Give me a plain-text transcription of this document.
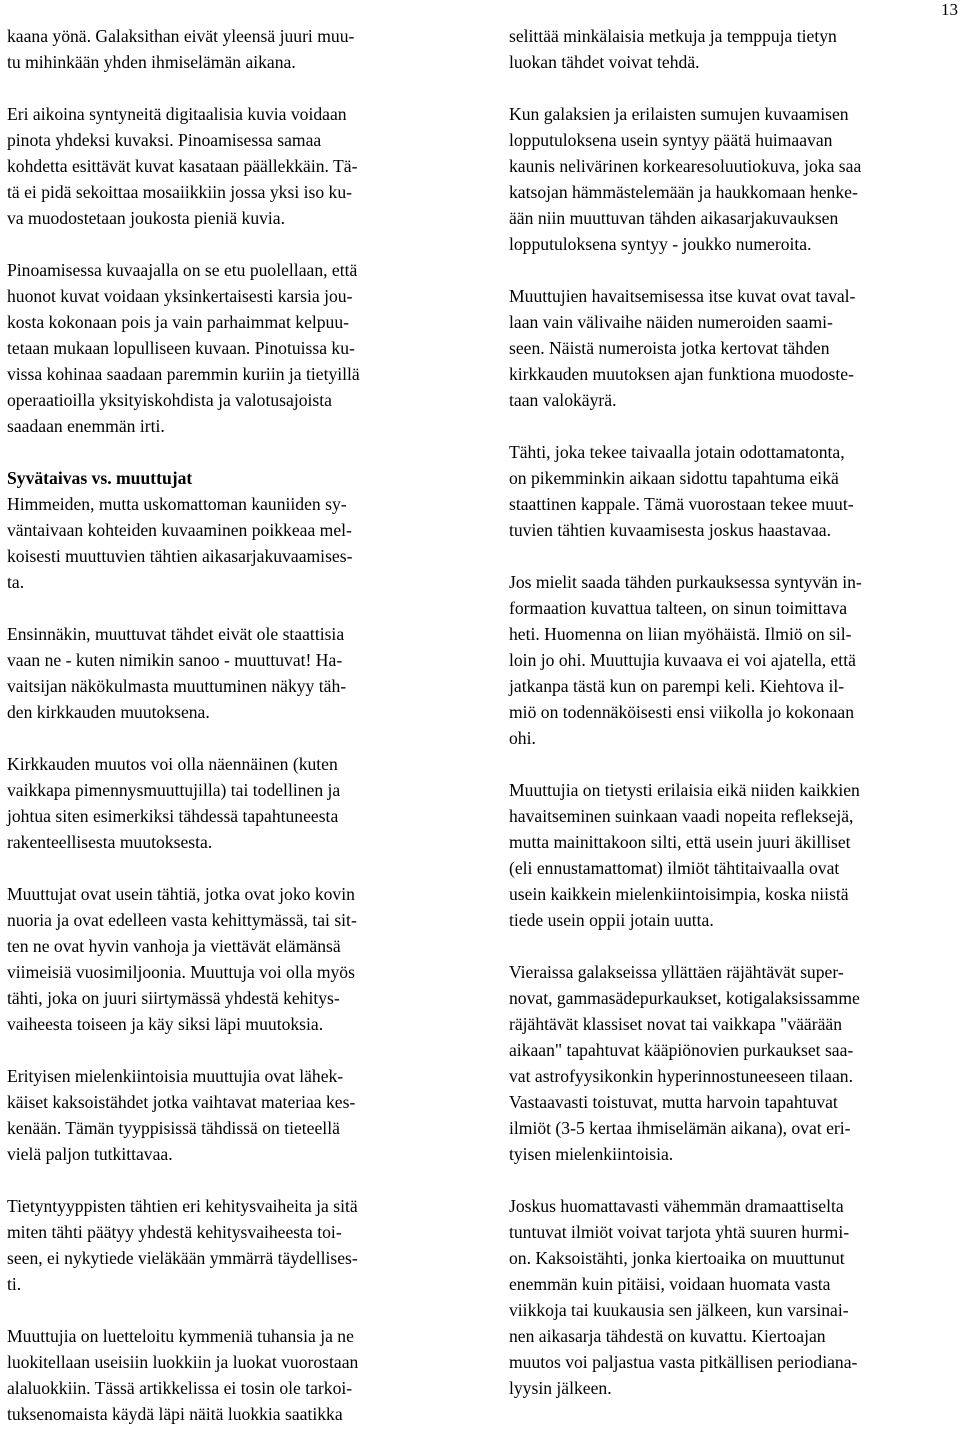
13
kaana yönä. Galaksithan eivät yleensä juuri muu-
tu mihinkään yhden ihmiselämän aikana.
Eri aikoina syntyneitä digitaalisia kuvia voidaan
pinota yhdeksi kuvaksi. Pinoamisessa samaa
kohdetta esittävät kuvat kasataan päällekkäin. Tä-
tä ei pidä sekoittaa mosaiikkiin jossa yksi iso ku-
va muodostetaan joukosta pieniä kuvia.
Pinoamisessa kuvaajalla on se etu puolellaan, että
huonot kuvat voidaan yksinkertaisesti karsia jou-
kosta kokonaan pois ja vain parhaimmat kelpuu-
tetaan mukaan lopulliseen kuvaan. Pinotuissa ku-
vissa kohinaa saadaan paremmin kuriin ja tietyillä
operaatioilla yksityiskohdista ja valotusajoista
saadaan enemmän irti.
Syvätaivas vs. muuttujat
Himmeiden, mutta uskomattoman kauniiden sy-
väntaivaan kohteiden kuvaaminen poikkeaa mel-
koisesti muuttuvien tähtien aikasarjakuvaamises-
ta.
Ensinnäkin, muuttuvat tähdet eivät ole staattisia
vaan ne - kuten nimikin sanoo - muuttuvat! Ha-
vaitsijan näkökulmasta muuttuminen näkyy täh-
den kirkkauden muutoksena.
Kirkkauden muutos voi olla näennäinen (kuten
vaikkapa pimennysmuuttujilla) tai todellinen ja
johtua siten esimerkiksi tähdessä tapahtuneesta
rakenteellisesta muutoksesta.
Muuttujat ovat usein tähtiä, jotka ovat joko kovin
nuoria ja ovat edelleen vasta kehittymässä, tai sit-
ten ne ovat hyvin vanhoja ja viettävät elämänsä
viimeisiä vuosimiljoonia. Muuttuja voi olla myös
tähti, joka on juuri siirtymässä yhdestä kehitys-
vaiheesta toiseen ja käy siksi läpi muutoksia.
Erityisen mielenkiintoisia muuttujia ovat lähek-
käiset kaksoistähdet jotka vaihtavat materiaa kes-
kenään. Tämän tyyppisissä tähdissä on tieteellä
vielä paljon tutkittavaa.
Tietyntyyppisten tähtien eri kehitysvaiheita ja sitä
miten tähti päätyy yhdestä kehitysvaiheesta toi-
seen, ei nykytiede vieläkään ymmärrä täydellises-
ti.
Muuttujia on luetteloitu kymmeniä tuhansia ja ne
luokitellaan useisiin luokkiin ja luokat vuorostaan
alaluokkiin. Tässä artikkelissa ei tosin ole tarkoi-
tuksenomaista käydä läpi näitä luokkia saatikka
selittää minkälaisia metkuja ja temppuja tietyn
luokan tähdet voivat tehdä.
Kun galaksien ja erilaisten sumujen kuvaamisen
lopputuloksena usein syntyy päätä huimaavan
kaunis nelivärinen korkearesoluutiokuva, joka saa
katsojan hämmästelemään ja haukkomaan henke-
ään niin muuttuvan tähden aikasarjakuvauksen
lopputuloksena syntyy - joukko numeroita.
Muuttujien havaitsemisessa itse kuvat ovat taval-
laan vain välivaihe näiden numeroiden saami-
seen. Näistä numeroista jotka kertovat tähden
kirkkauden muutoksen ajan funktiona muodoste-
taan valokäyrä.
Tähti, joka tekee taivaalla jotain odottamatonta,
on pikemminkin aikaan sidottu tapahtuma eikä
staattinen kappale. Tämä vuorostaan tekee muut-
tuvien tähtien kuvaamisesta joskus haastavaa.
Jos mielit saada tähden purkauksessa syntyvän in-
formaation kuvattua talteen, on sinun toimittava
heti. Huomenna on liian myöhäistä. Ilmiö on sil-
loin jo ohi. Muuttujia kuvaava ei voi ajatella, että
jatkanpa tästä kun on parempi keli. Kiehtova il-
miö on todennäköisesti ensi viikolla jo kokonaan
ohi.
Muuttujia on tietysti erilaisia eikä niiden kaikkien
havaitseminen suinkaan vaadi nopeita refleksejä,
mutta mainittakoon silti, että usein juuri äkilliset
(eli ennustamattomat) ilmiöt tähtitaivaalla ovat
usein kaikkein mielenkiintoisimpia, koska niistä
tiede usein oppii jotain uutta.
Vieraissa galakseissa yllättäen räjähtävät super-
novat, gammasädepurkaukset, kotigalaksissamme
räjähtävät klassiset novat tai vaikkapa "väärään
aikaan" tapahtuvat kääpiönovien purkaukset saa-
vat astrofyysikonkin hyperinnostuneeseen tilaan.
Vastaavasti toistuvat, mutta harvoin tapahtuvat
ilmiöt (3-5 kertaa ihmiselämän aikana), ovat eri-
tyisen mielenkiintoisia.
Joskus huomattavasti vähemmän dramaattiselta
tuntuvat ilmiöt voivat tarjota yhtä suuren hurmi-
on. Kaksoistähti, jonka kiertoaika on muuttunut
enemmän kuin pitäisi, voidaan huomata vasta
viikkoja tai kuukausia sen jälkeen, kun varsinai-
nen aikasarja tähdestä on kuvattu. Kiertoajan
muutos voi paljastua vasta pitkällisen periodiana-
lyysin jälkeen.
